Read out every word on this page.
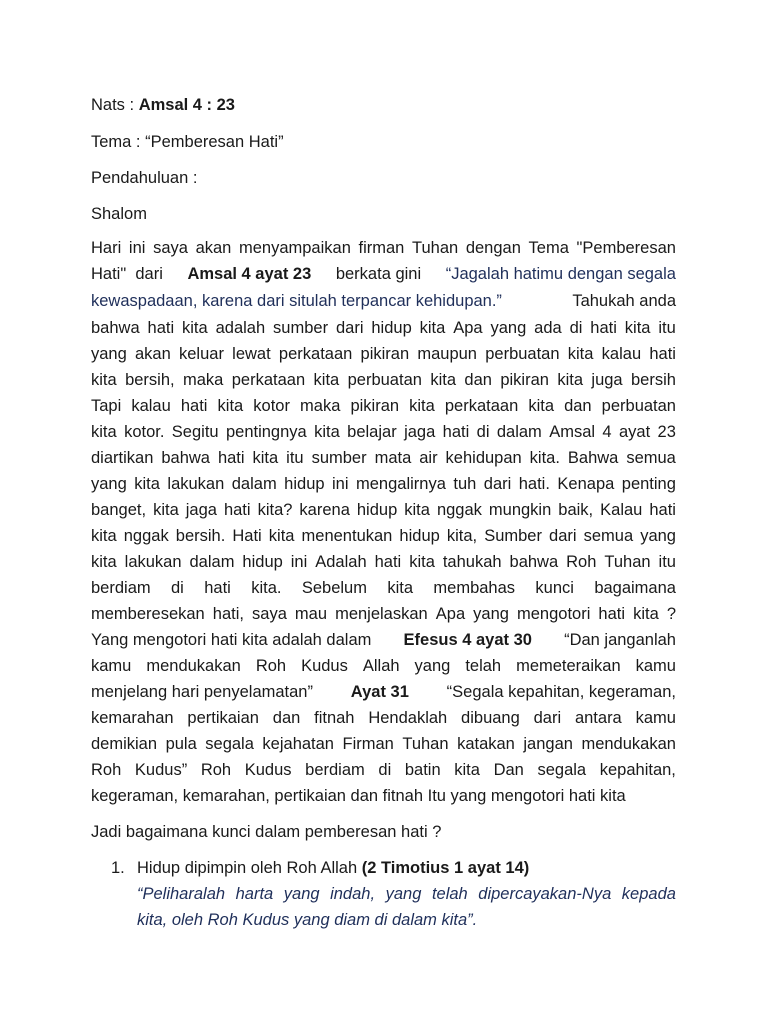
Nats : Amsal 4 : 23
Tema : “Pemberesan Hati”
Pendahuluan :
Shalom
Hari ini saya akan menyampaikan firman Tuhan dengan Tema "Pemberesan
Hati"  dari Amsal 4 ayat 23 berkata gini “Jagalah hatimu dengan segala
kewaspadaan, karena dari situlah terpancar kehidupan.”	Tahukah anda
bahwa hati kita adalah sumber dari hidup kita Apa yang ada di hati kita itu
yang akan keluar lewat perkataan pikiran maupun perbuatan kita kalau hati
kita bersih, maka perkataan kita perbuatan kita dan pikiran kita juga bersih
Tapi kalau hati kita kotor maka pikiran kita perkataan kita dan perbuatan
kita kotor. Segitu pentingnya kita belajar jaga hati di dalam Amsal 4 ayat 23
diartikan bahwa hati kita itu sumber mata air kehidupan kita. Bahwa semua
yang kita lakukan dalam hidup ini mengalirnya tuh dari hati. Kenapa penting
banget, kita jaga hati kita? karena hidup kita nggak mungkin baik, Kalau hati
kita nggak bersih. Hati kita menentukan hidup kita, Sumber dari semua yang
kita lakukan dalam hidup ini Adalah hati kita tahukah bahwa Roh Tuhan itu
berdiam di hati kita. Sebelum kita membahas kunci bagaimana
memberesekan hati, saya mau menjelaskan Apa yang mengotori hati kita ?
Yang mengotori hati kita adalah dalam Efesus 4 ayat 30 “Dan janganlah
kamu mendukakan Roh Kudus Allah yang telah memeteraikan kamu
menjelang hari penyelamatan” Ayat 31 “Segala kepahitan, kegeraman,
kemarahan pertikaian dan fitnah Hendaklah dibuang dari antara kamu
demikian pula segala kejahatan Firman Tuhan katakan jangan mendukakan
Roh Kudus” Roh Kudus berdiam di batin kita Dan segala kepahitan,
kegeraman, kemarahan, pertikaian dan fitnah Itu yang mengotori hati kita
Jadi bagaimana kunci dalam pemberesan hati ?
1. Hidup dipimpin oleh Roh Allah (2 Timotius 1 ayat 14)
“Peliharalah harta yang indah, yang telah dipercayakan-Nya kepada
kita, oleh Roh Kudus yang diam di dalam kita”.
